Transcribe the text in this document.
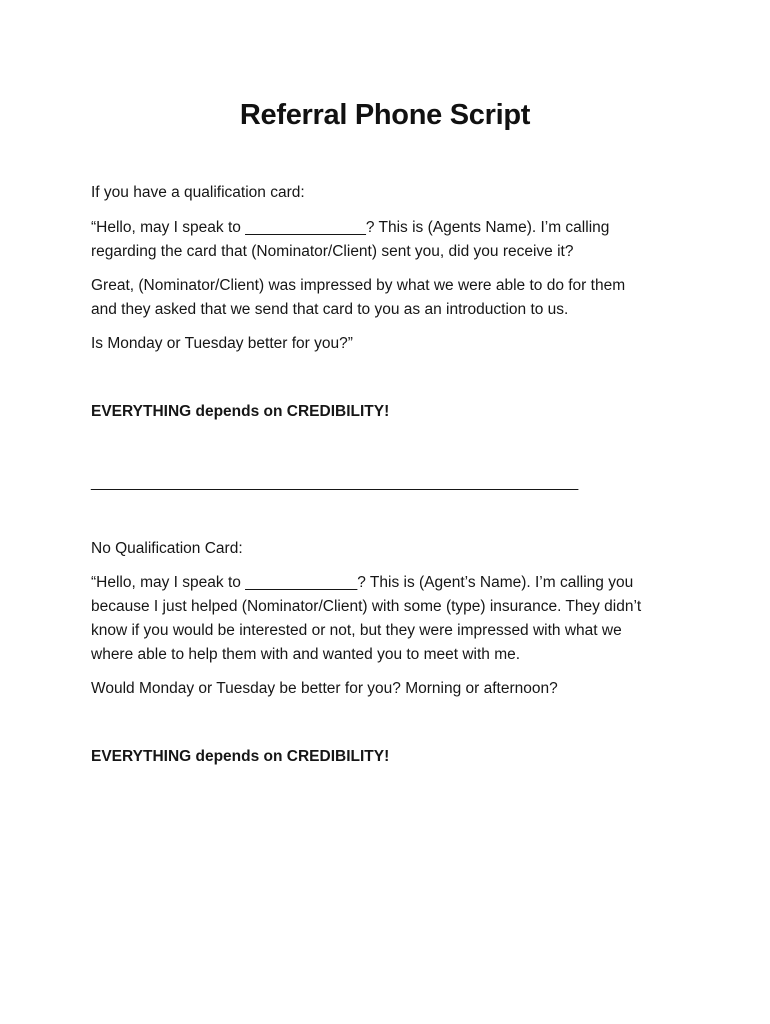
Referral Phone Script
If you have a qualification card:
“Hello, may I speak to ______________? This is (Agents Name). I’m calling
regarding the card that (Nominator/Client) sent you, did you receive it?
Great, (Nominator/Client) was impressed by what we were able to do for them
and they asked that we send that card to you as an introduction to us.
Is Monday or Tuesday better for you?”
EVERYTHING depends on CREDIBILITY!
_______________________________________________________________
No Qualification Card:
“Hello, may I speak to _____________? This is (Agent’s Name). I’m calling you
because I just helped (Nominator/Client) with some (type) insurance. They didn’t
know if you would be interested or not, but they were impressed with what we
where able to help them with and wanted you to meet with me.
Would Monday or Tuesday be better for you? Morning or afternoon?
EVERYTHING depends on CREDIBILITY!
